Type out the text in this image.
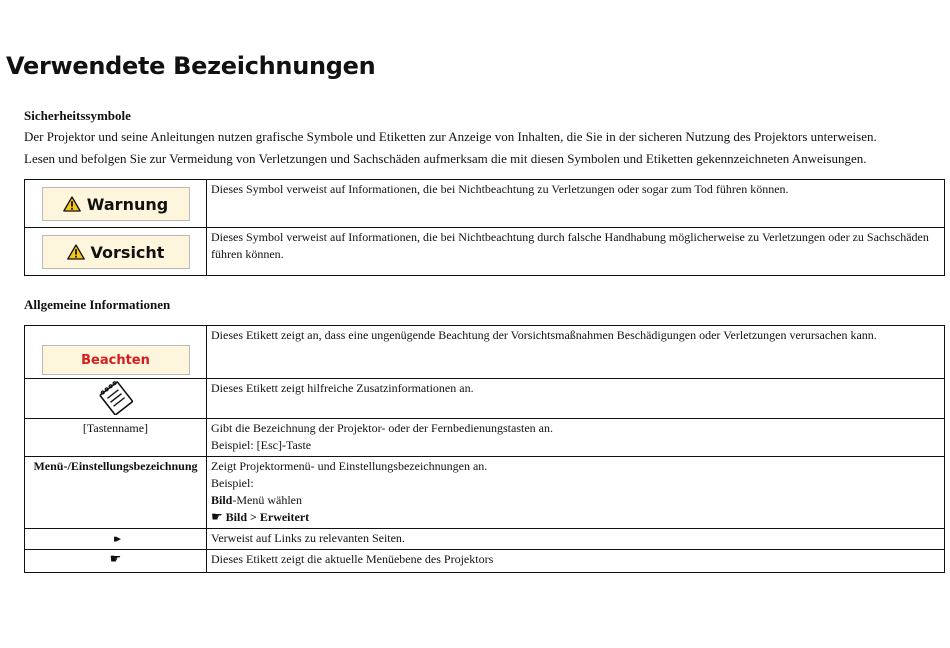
Verwendete Bezeichnungen
Sicherheitssymbole

Der Projektor und seine Anleitungen nutzen grafische Symbole und Etiketten zur Anzeige von Inhalten, die Sie in der sicheren Nutzung des Projektors unterweisen.

Lesen und befolgen Sie zur Vermeidung von Verletzungen und Sachschäden aufmerksam die mit diesen Symbolen und Etiketten gekennzeichneten Anweisungen.

Warnung	Dieses Symbol verweist auf Informationen, die bei Nichtbeachtung zu Verletzungen oder sogar zum Tod führen können.

Vorsicht	Dieses Symbol verweist auf Informationen, die bei Nichtbeachtung durch falsche Handhabung möglicherweise zu Verletzungen oder zu Sachschäden führen können.
Allgemeine Informationen
Beachten	Dieses Etikett zeigt an, dass eine ungenügende Beachtung der Vorsichtsmaßnahmen Beschädigungen oder Verletzungen verursachen kann.

	Dieses Etikett zeigt hilfreiche Zusatzinformationen an.
[Tastenname]	Gibt die Bezeichnung der Projektor- oder der Fernbedienungstasten an.
Beispiel: [Esc]-Taste

Menü-/Einstellungsbezeichnung	Zeigt Projektormenü- und Einstellungsbezeichnungen an.
Beispiel:
Bild-Menü wählen
☛ Bild > Erweitert

▸▸	Verweist auf Links zu relevanten Seiten.
☛	Dieses Etikett zeigt die aktuelle Menüebene des Projektors
